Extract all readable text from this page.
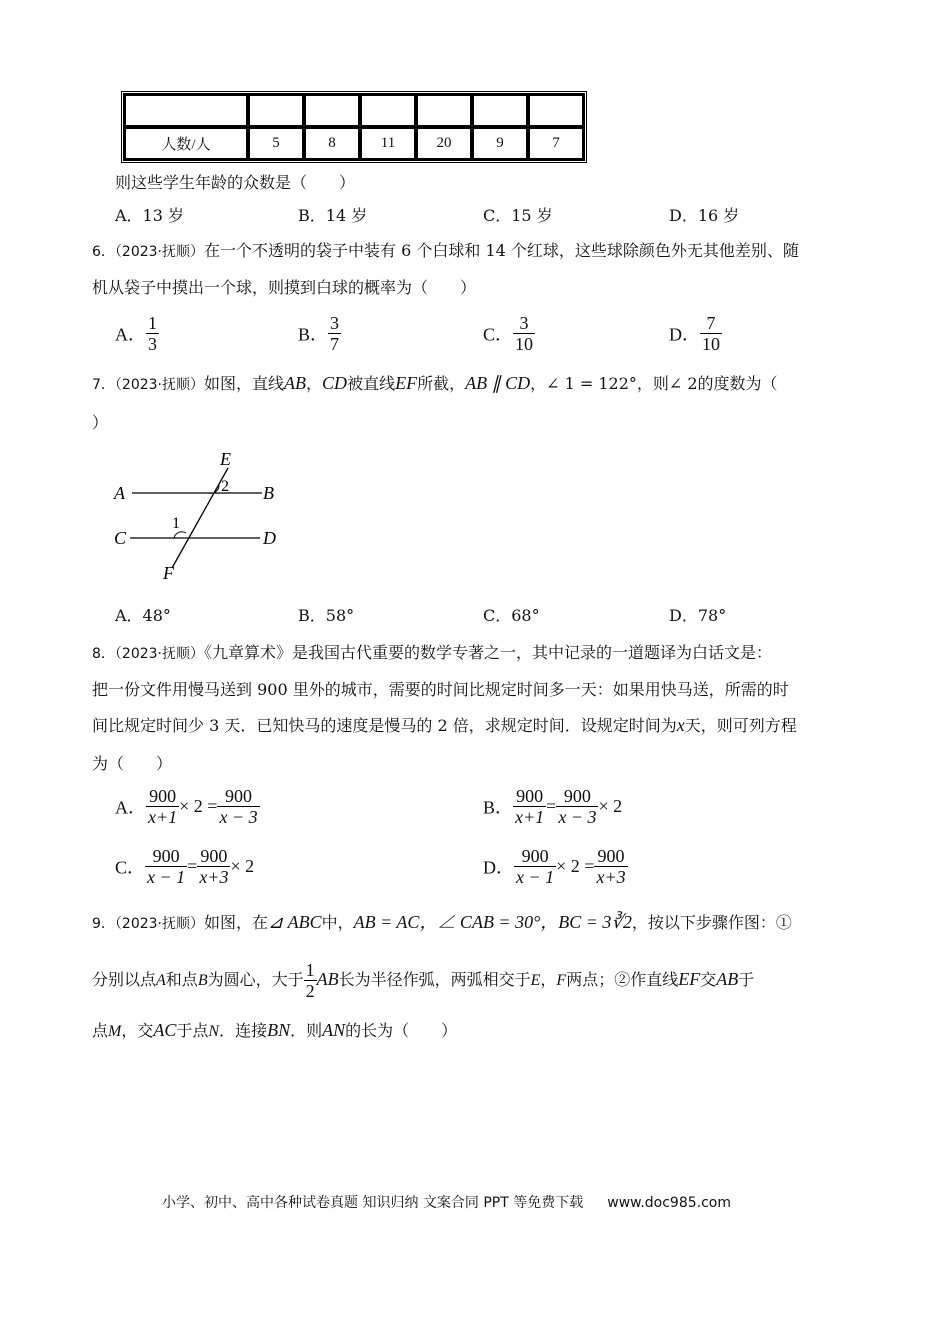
人数/人	5	8	11	20	9	7
则这些学生年龄的众数是（　　）
A．13 岁	B．14 岁	C．15 岁	D．16 岁
6．（2023·抚顺）在一个不透明的袋子中装有 6 个白球和 14 个红球，这些球除颜色外无其他差别、随
机从袋子中摸出一个球，则摸到白球的概率为（　　）
A． $\frac{1}{3}$	B． $\frac{3}{7}$	C． $\frac{3}{10}$	D． $\frac{7}{10}$
7．（2023·抚顺）如图，直线AB，CD被直线EF所截，AB ∥ CD，∠ 1 = 122°，则∠ 2的度数为（
）
E
A	B
C	D
F
1
2
A．48°	B．58°	C．68°	D．78°
8．（2023·抚顺）《九章算术》是我国古代重要的数学专著之一，其中记录的一道题译为白话文是：
把一份文件用慢马送到 900 里外的城市，需要的时间比规定时间多一天：如果用快马送，所需的时
间比规定时间少 3 天．已知快马的速度是慢马的 2 倍，求规定时间．设规定时间为x天，则可列方程
为（　　）
A． $\frac{900}{x+1} \times 2 = \frac{900}{x - 3}$	B． $\frac{900}{x+1} = \frac{900}{x - 3} \times 2$
C． $\frac{900}{x - 1} = \frac{900}{x+3} \times 2$	D． $\frac{900}{x - 1} \times 2 = \frac{900}{x+3}$
9．（2023·抚顺）如图，在⊿ ABC中，AB = AC，∠ CAB = 30°，BC = 3∛2，按以下步骤作图：①
分别以点A和点B为圆心，大于 $\frac{1}{2}$ AB长为半径作弧，两弧相交于E，F两点；②作直线EF交AB于
点M，交AC于点N．连接BN．则AN的长为（　　）
小学、初中、高中各种试卷真题 知识归纳 文案合同 PPT 等免费下载 www.doc985.com
